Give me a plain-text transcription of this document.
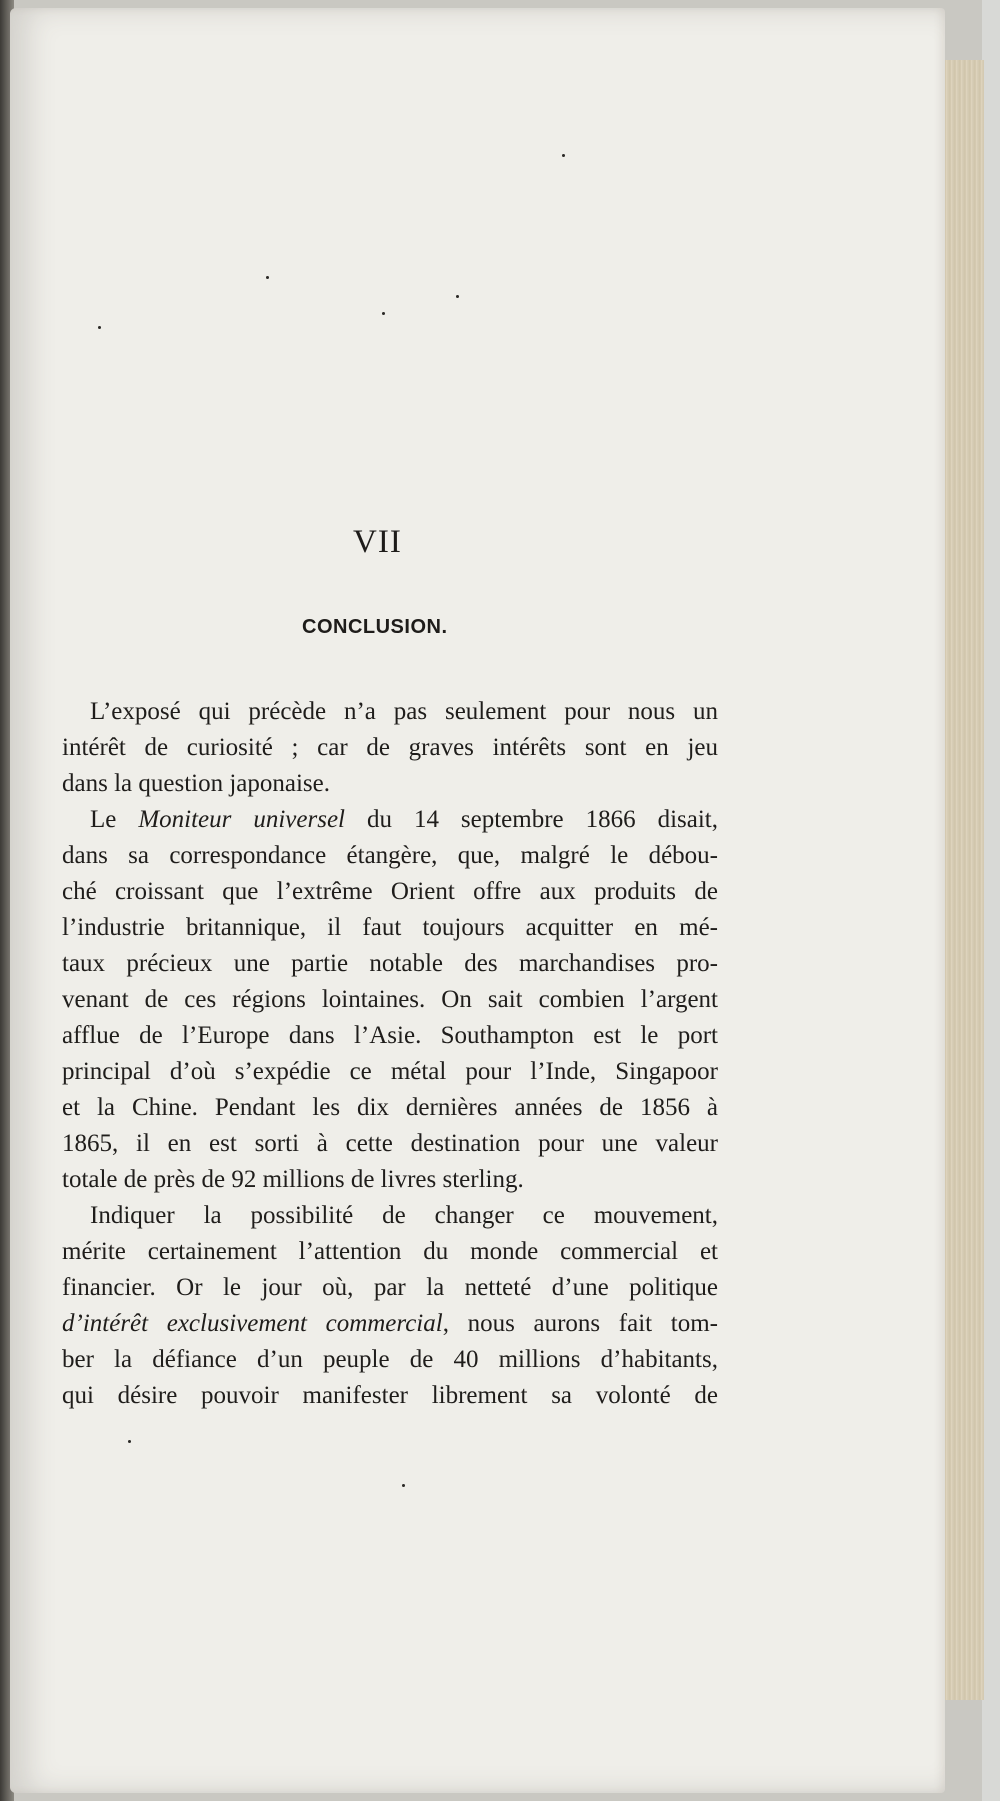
VII
CONCLUSION.
L’exposé qui précède n’a pas seulement pour nous un
intérêt de curiosité ; car de graves intérêts sont en jeu
dans la question japonaise.
Le Moniteur universel du 14 septembre 1866 disait,
dans sa correspondance étangère, que, malgré le débou-
ché croissant que l’extrême Orient offre aux produits de
l’industrie britannique, il faut toujours acquitter en mé-
taux précieux une partie notable des marchandises pro-
venant de ces régions lointaines. On sait combien l’argent
afflue de l’Europe dans l’Asie. Southampton est le port
principal d’où s’expédie ce métal pour l’Inde, Singapoor
et la Chine. Pendant les dix dernières années de 1856 à
1865, il en est sorti à cette destination pour une valeur
totale de près de 92 millions de livres sterling.
Indiquer la possibilité de changer ce mouvement,
mérite certainement l’attention du monde commercial et
financier. Or le jour où, par la netteté d’une politique
d’intérêt exclusivement commercial, nous aurons fait tom-
ber la défiance d’un peuple de 40 millions d’habitants,
qui désire pouvoir manifester librement sa volonté de
